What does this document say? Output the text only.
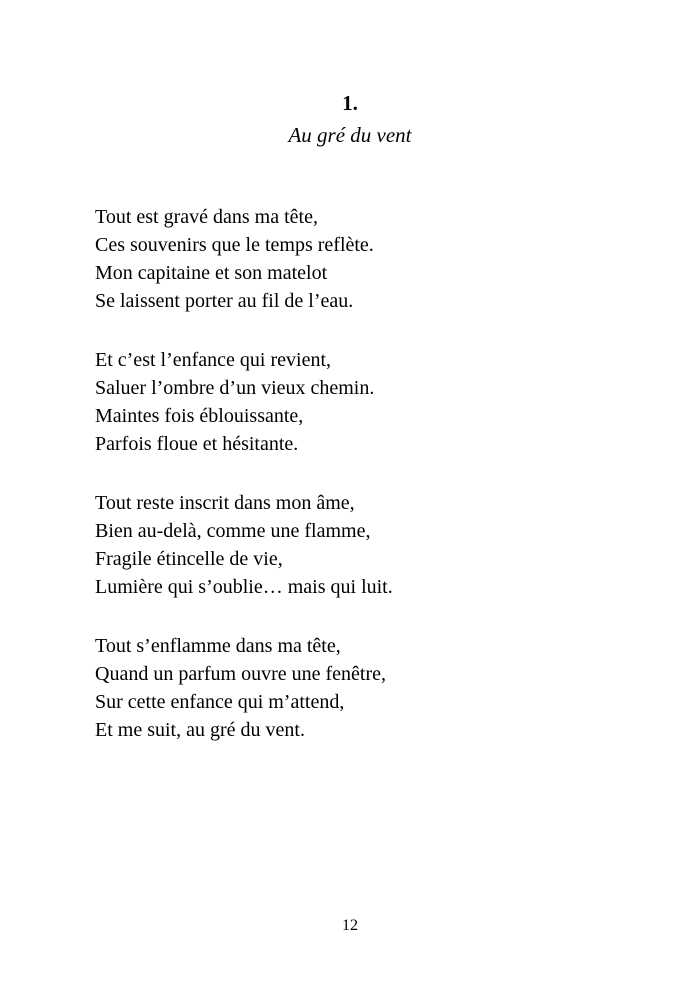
1.
Au gré du vent
Tout est gravé dans ma tête,
Ces souvenirs que le temps reflète.
Mon capitaine et son matelot
Se laissent porter au fil de l’eau.
Et c’est l’enfance qui revient,
Saluer l’ombre d’un vieux chemin.
Maintes fois éblouissante,
Parfois floue et hésitante.
Tout reste inscrit dans mon âme,
Bien au-delà, comme une flamme,
Fragile étincelle de vie,
Lumière qui s’oublie… mais qui luit.
Tout s’enflamme dans ma tête,
Quand un parfum ouvre une fenêtre,
Sur cette enfance qui m’attend,
Et me suit, au gré du vent.
12
